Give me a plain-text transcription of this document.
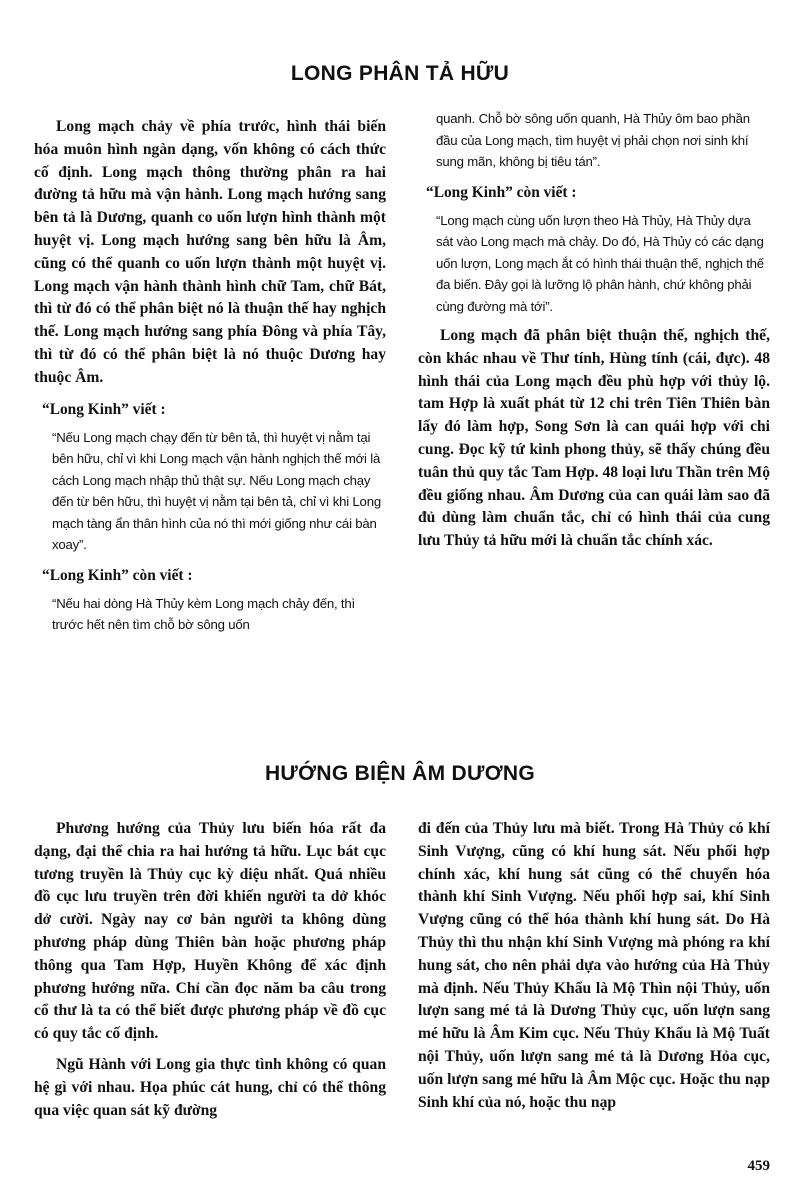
LONG PHÂN TẢ HỮU

Long mạch chảy về phía trước, hình thái biến hóa muôn hình ngàn dạng, vốn không có cách thức cố định. Long mạch thông thường phân ra hai đường tả hữu mà vận hành. Long mạch hướng sang bên tả là Dương, quanh co uốn lượn hình thành một huyệt vị. Long mạch hướng sang bên hữu là Âm, cũng có thể quanh co uốn lượn thành một huyệt vị. Long mạch vận hành thành hình chữ Tam, chữ Bát, thì từ đó có thể phân biệt nó là thuận thế hay nghịch thế. Long mạch hướng sang phía Đông và phía Tây, thì từ đó có thể phân biệt là nó thuộc Dương hay thuộc Âm.

“Long Kinh” viết :

“Nếu Long mạch chạy đến từ bên tả, thì huyệt vị nằm tại bên hữu, chỉ vì khi Long mạch vận hành nghịch thế mới là cách Long mạch nhập thủ thật sự. Nếu Long mạch chạy đến từ bên hữu, thì huyệt vị nằm tại bên tả, chỉ vì khi Long mạch tàng ẩn thân hình của nó thì mới giống như cái bàn xoay”.

“Long Kinh” còn viết :

“Nếu hai dòng Hà Thủy kèm Long mạch chảy đến, thì trước hết nên tìm chỗ bờ sông uốn

quanh. Chỗ bờ sông uốn quanh, Hà Thủy ôm bao phần đầu của Long mạch, tìm huyệt vị phải chọn nơi sinh khí sung mãn, không bị tiêu tán”.

“Long Kinh” còn viết :

“Long mạch cùng uốn lượn theo Hà Thủy, Hà Thủy dựa sát vào Long mạch mà chảy. Do đó, Hà Thủy có các dạng uốn lượn, Long mạch ắt có hình thái thuận thế, nghịch thế đa biến. Đây gọi là lưỡng lộ phân hành, chứ không phải cùng đường mà tới”.

Long mạch đã phân biệt thuận thế, nghịch thế, còn khác nhau về Thư tính, Hùng tính (cái, đực). 48 hình thái của Long mạch đều phù hợp với thủy lộ. tam Hợp là xuất phát từ 12 chi trên Tiên Thiên bàn lấy đó làm hợp, Song Sơn là can quái hợp với chi cung. Đọc kỹ tứ kinh phong thủy, sẽ thấy chúng đều tuân thủ quy tắc Tam Hợp. 48 loại lưu Thần trên Mộ đều giống nhau. Âm Dương của can quái làm sao đã đủ dùng làm chuẩn tắc, chỉ có hình thái của cung lưu Thủy tả hữu mới là chuẩn tắc chính xác.

HƯỚNG BIỆN ÂM DƯƠNG

Phương hướng của Thủy lưu biến hóa rất đa dạng, đại thể chia ra hai hướng tả hữu. Lục bát cục tương truyền là Thủy cục kỳ diệu nhất. Quá nhiều đồ cục lưu truyền trên đời khiến người ta dở khóc dở cười. Ngày nay cơ bản người ta không dùng phương pháp dùng Thiên bàn hoặc phương pháp thông qua Tam Hợp, Huyền Không để xác định phương hướng nữa. Chỉ cần đọc năm ba câu trong cổ thư là ta có thể biết được phương pháp về đồ cục có quy tắc cố định.

Ngũ Hành với Long gia thực tình không có quan hệ gì với nhau. Họa phúc cát hung, chỉ có thể thông qua việc quan sát kỹ đường

đi đến của Thủy lưu mà biết. Trong Hà Thủy có khí Sinh Vượng, cũng có khí hung sát. Nếu phối hợp chính xác, khí hung sát cũng có thể chuyển hóa thành khí Sinh Vượng. Nếu phối hợp sai, khí Sinh Vượng cũng có thể hóa thành khí hung sát. Do Hà Thủy thì thu nhận khí Sinh Vượng mà phóng ra khí hung sát, cho nên phải dựa vào hướng của Hà Thủy mà định. Nếu Thủy Khẩu là Mộ Thìn nội Thủy, uốn lượn sang mé tả là Dương Thủy cục, uốn lượn sang mé hữu là Âm Kim cục. Nếu Thủy Khẩu là Mộ Tuất nội Thủy, uốn lượn sang mé tả là Dương Hỏa cục, uốn lượn sang mé hữu là Âm Mộc cục. Hoặc thu nạp Sinh khí của nó, hoặc thu nạp

459
